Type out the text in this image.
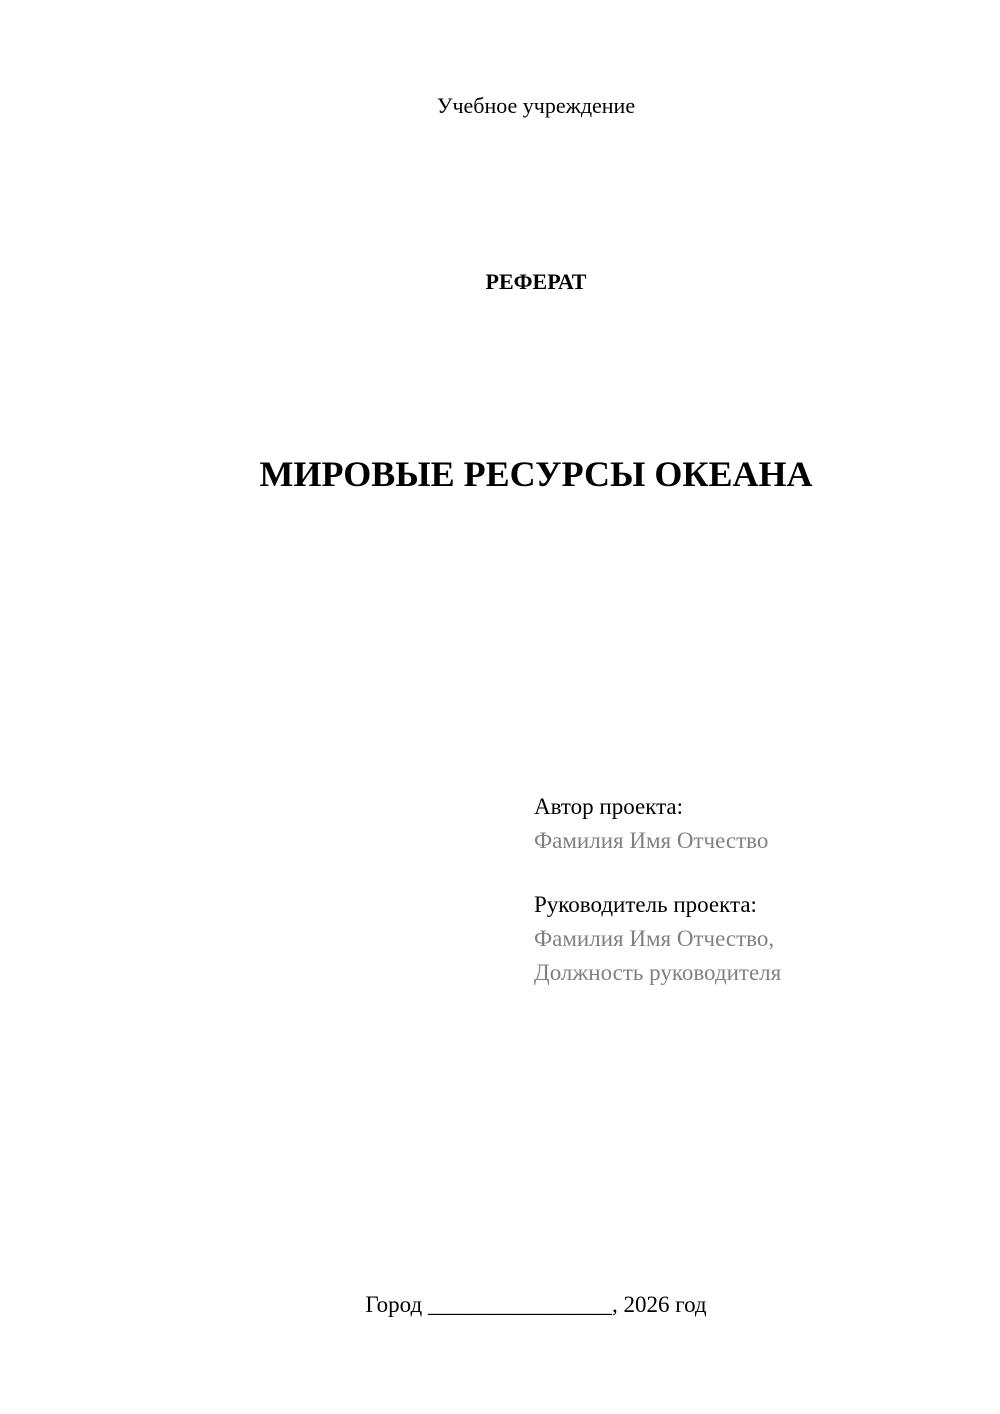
Учебное учреждение
РЕФЕРАТ
МИРОВЫЕ РЕСУРСЫ ОКЕАНА
Автор проекта:
Фамилия Имя Отчество
Руководитель проекта:
Фамилия Имя Отчество,
Должность руководителя
Город ________________, 2026 год
